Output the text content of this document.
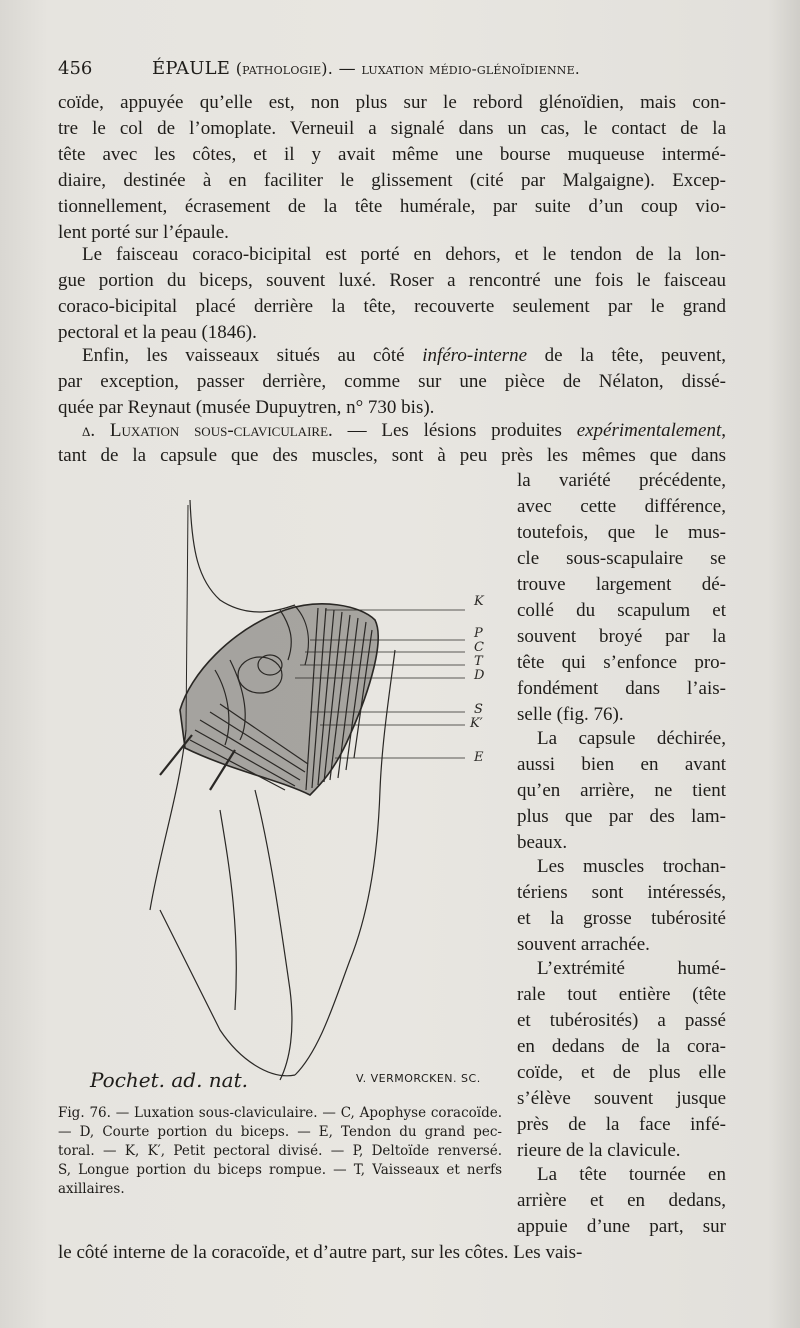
456	ÉPAULE (pathologie). — luxation médio-glénoïdienne.
coïde, appuyée qu’elle est, non plus sur le rebord glénoïdien, mais con-
tre le col de l’omoplate. Verneuil a signalé dans un cas, le contact de la
tête avec les côtes, et il y avait même une bourse muqueuse intermé-
diaire, destinée à en faciliter le glissement (cité par Malgaigne). Excep-
tionnellement, écrasement de la tête humérale, par suite d’un coup vio-
lent porté sur l’épaule.
Le faisceau coraco-bicipital est porté en dehors, et le tendon de la lon-
gue portion du biceps, souvent luxé. Roser a rencontré une fois le faisceau
coraco-bicipital placé derrière la tête, recouverte seulement par le grand
pectoral et la peau (1846).
Enfin, les vaisseaux situés au côté inféro-interne de la tête, peuvent,
par exception, passer derrière, comme sur une pièce de Nélaton, dissé-
quée par Reynaut (musée Dupuytren, n° 730 bis).
δ. Luxation sous-claviculaire. — Les lésions produites expérimentalement,
tant de la capsule que des muscles, sont à peu près les mêmes que dans
la variété précédente,
avec cette différence,
toutefois, que le mus-
cle sous-scapulaire se
trouve largement dé-
collé du scapulum et
souvent broyé par la
tête qui s’enfonce pro-
fondément dans l’ais-
selle (fig. 76).
La capsule déchirée,
aussi bien en avant
qu’en arrière, ne tient
plus que par des lam-
beaux.
Les muscles trochan-
tériens sont intéressés,
et la grosse tubérosité
souvent arrachée.
L’extrémité humé-
rale tout entière (tête
et tubérosités) a passé
en dedans de la cora-
coïde, et de plus elle
s’élève souvent jusque
près de la face infé-
rieure de la clavicule.
La tête tournée en
arrière et en dedans,
appuie d’une part, sur
le côté interne de la coracoïde, et d’autre part, sur les côtes. Les vais-
K
P
C
T
D
S
K′
E
Pochet. ad. nat.	V. VERMORCKEN. SC.
Fig. 76. — Luxation sous-claviculaire. — C, Apophyse coracoïde.
— D, Courte portion du biceps. — E, Tendon du grand pec-
toral. — K, K′, Petit pectoral divisé. — P, Deltoïde renversé.
S, Longue portion du biceps rompue. — T, Vaisseaux et nerfs
axillaires.
